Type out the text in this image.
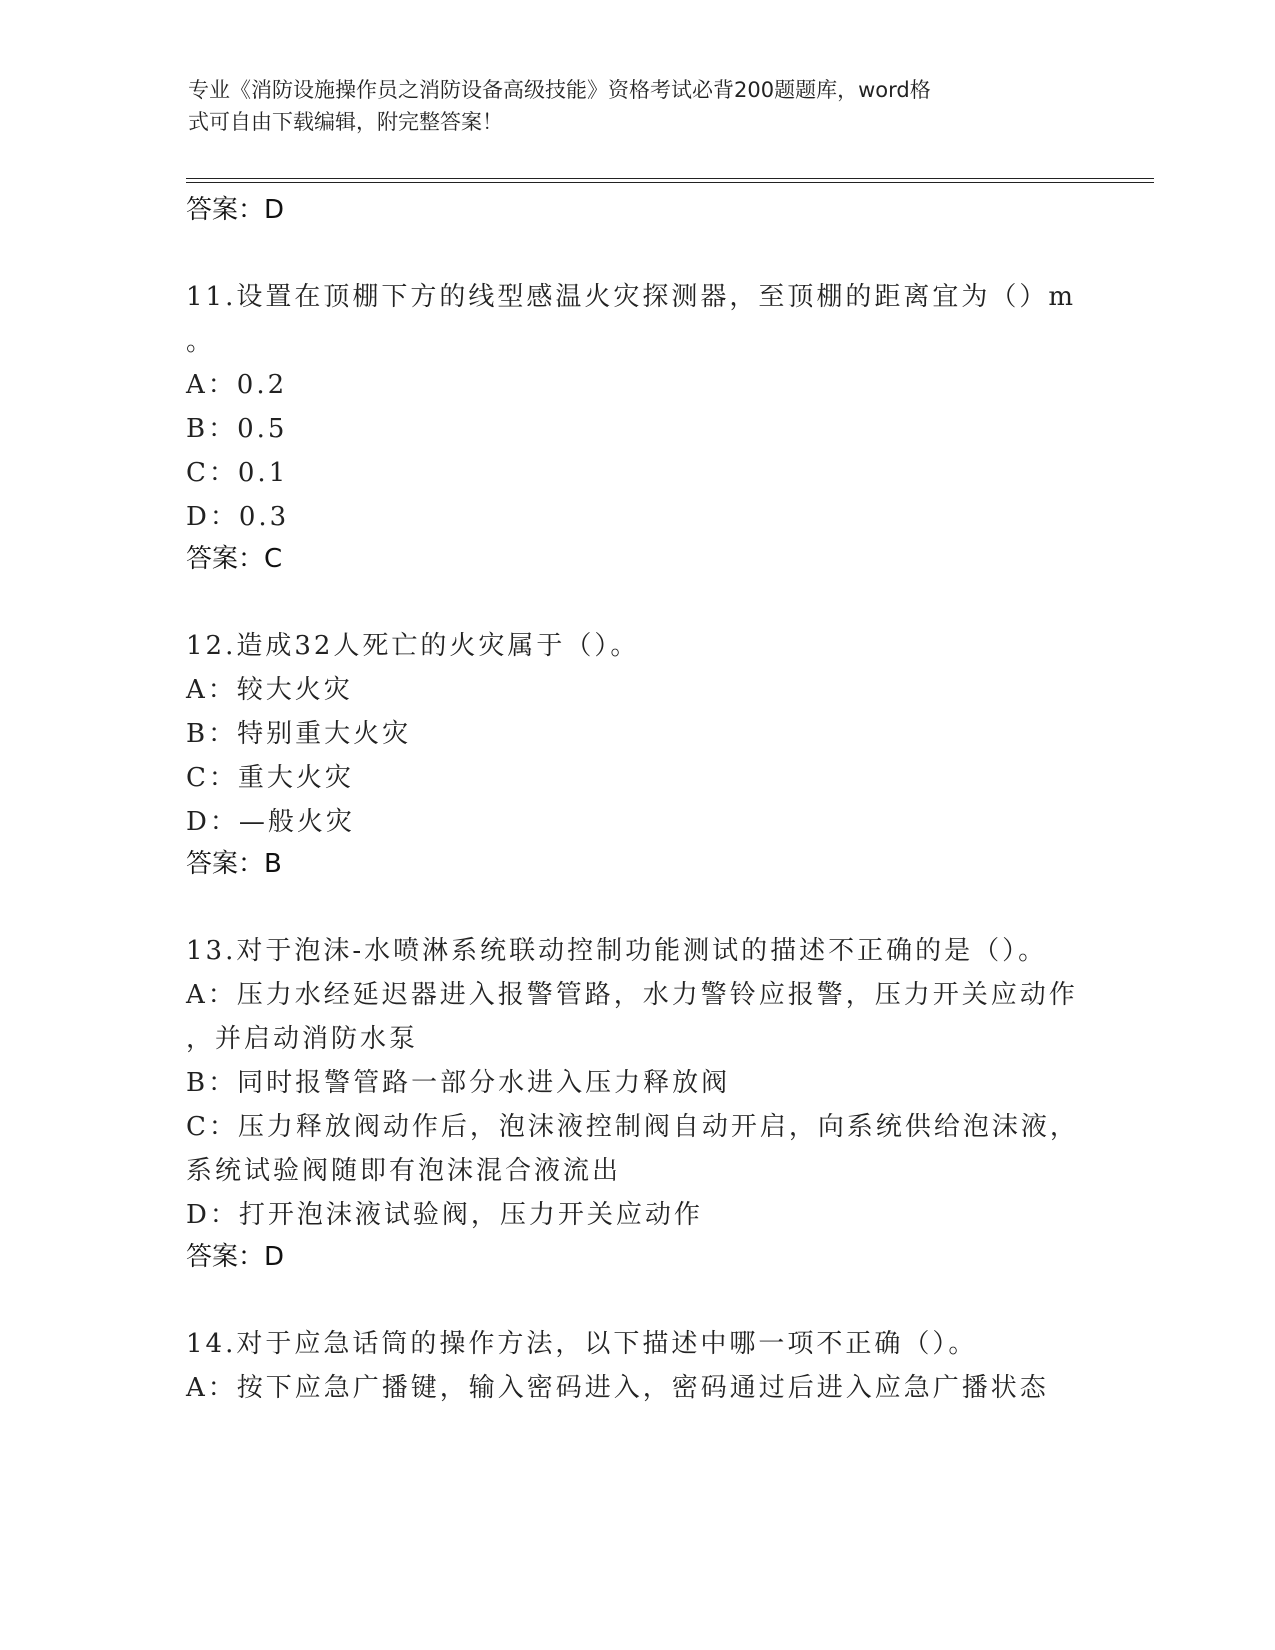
专业《消防设施操作员之消防设备高级技能》资格考试必背200题题库，word格
式可自由下载编辑，附完整答案！
答案：D
11.设置在顶棚下方的线型感温火灾探测器，至顶棚的距离宜为（）m
。
A：0.2
B：0.5
C：0.1
D：0.3
答案：C
12.造成32人死亡的火灾属于（）。
A：较大火灾
B：特别重大火灾
C：重大火灾
D：—般火灾
答案：B
13.对于泡沫-水喷淋系统联动控制功能测试的描述不正确的是（）。
A：压力水经延迟器进入报警管路，水力警铃应报警，压力开关应动作
，并启动消防水泵
B：同时报警管路一部分水进入压力释放阀
C：压力释放阀动作后，泡沫液控制阀自动开启，向系统供给泡沫液，
系统试验阀随即有泡沫混合液流出
D：打开泡沫液试验阀，压力开关应动作
答案：D
14.对于应急话筒的操作方法，以下描述中哪一项不正确（）。
A：按下应急广播键，输入密码进入，密码通过后进入应急广播状态
